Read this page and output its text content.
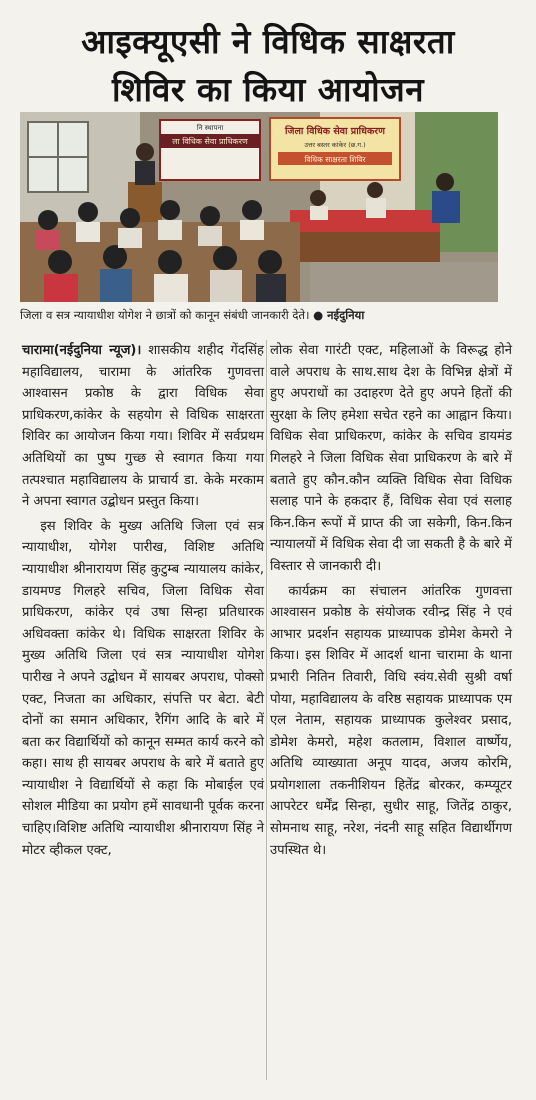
आइक्यूएसी ने विधिक साक्षरता
शिविर का किया आयोजन
नि स्थापना
ला विधिक सेवा प्राधिकरण
जिला विधिक सेवा प्राधिकरण
उत्तर बस्तर कांकेर (छ.ग.)
विधिक साक्षरता शिविर
जिला व सत्र न्यायाधीश योगेश ने छात्रों को कानून संबंधी जानकारी देते। ● नईदुनिया

चारामा(नईदुनिया न्यूज)। शासकीय शहीद गेंदसिंह महाविद्यालय, चारामा के आंतरिक गुणवत्ता आश्वासन प्रकोष्ठ के द्वारा विधिक सेवा प्राधिकरण,कांकेर के सहयोग से विधिक साक्षरता शिविर का आयोजन किया गया। शिविर में सर्वप्रथम अतिथियों का पुष्प गुच्छ से स्वागत किया गया तत्पश्चात महाविद्यालय के प्राचार्य डा. केके मरकाम ने अपना स्वागत उद्बोधन प्रस्तुत किया।

इस शिविर के मुख्य अतिथि जिला एवं सत्र न्यायाधीश, योगेश पारीख, विशिष्ट अतिथि न्यायाधीश श्रीनारायण सिंह कुटुम्ब न्यायालय कांकेर, डायमण्ड गिलहरे सचिव, जिला विधिक सेवा प्राधिकरण, कांकेर एवं उषा सिन्हा प्रतिधारक अधिवक्ता कांकेर थे। विधिक साक्षरता शिविर के मुख्य अतिथि जिला एवं सत्र न्यायाधीश योगेश पारीख ने अपने उद्बोधन में सायबर अपराध, पोक्सो एक्ट, निजता का अधिकार, संपत्ति पर बेटा. बेटी दोनों का समान अधिकार, रैगिंग आदि के बारे में बता कर विद्यार्थियों को कानून सम्मत कार्य करने को कहा। साथ ही सायबर अपराध के बारे में बताते हुए न्यायाधीश ने विद्यार्थियों से कहा कि मोबाईल एवं सोशल मीडिया का प्रयोग हमें सावधानी पूर्वक करना चाहिए।विशिष्ट अतिथि न्यायाधीश श्रीनारायण सिंह ने मोटर व्हीकल एक्ट,

लोक सेवा गारंटी एक्ट, महिलाओं के विरूद्ध होने वाले अपराध के साथ.साथ देश के विभिन्न क्षेत्रों में हुए अपराधों का उदाहरण देते हुए अपने हितों की सुरक्षा के लिए हमेशा सचेत रहने का आह्वान किया।विधिक सेवा प्राधिकरण, कांकेर के सचिव डायमंड गिलहरे ने जिला विधिक सेवा प्राधिकरण के बारे में बताते हुए कौन.कौन व्यक्ति विधिक सेवा विधिक सलाह पाने के हकदार हैं, विधिक सेवा एवं सलाह किन.किन रूपों में प्राप्त की जा सकेगी, किन.किन न्यायालयों में विधिक सेवा दी जा सकती है के बारे में विस्तार से जानकारी दी।

कार्यक्रम का संचालन आंतरिक गुणवत्ता आश्वासन प्रकोष्ठ के संयोजक रवीन्द्र सिंह ने एवं आभार प्रदर्शन सहायक प्राध्यापक डोमेश केमरो ने किया। इस शिविर में आदर्श थाना चारामा के थाना प्रभारी नितिन तिवारी, विधि स्वंय.सेवी सुश्री वर्षा पोया, महाविद्यालय के वरिष्ठ सहायक प्राध्यापक एम एल नेताम, सहायक प्राध्यापक कुलेश्वर प्रसाद, डोमेश केमरो, महेश कतलाम, विशाल वार्ष्णेय, अतिथि व्याख्याता अनूप यादव, अजय कोरमि, प्रयोगशाला तकनीशियन हितेंद्र बोरकर, कम्प्यूटर आपरेटर धर्मेंद्र सिन्हा, सुधीर साहू, जितेंद्र ठाकुर, सोमनाथ साहू, नरेश, नंदनी साहू सहित विद्यार्थीगण उपस्थित थे।
